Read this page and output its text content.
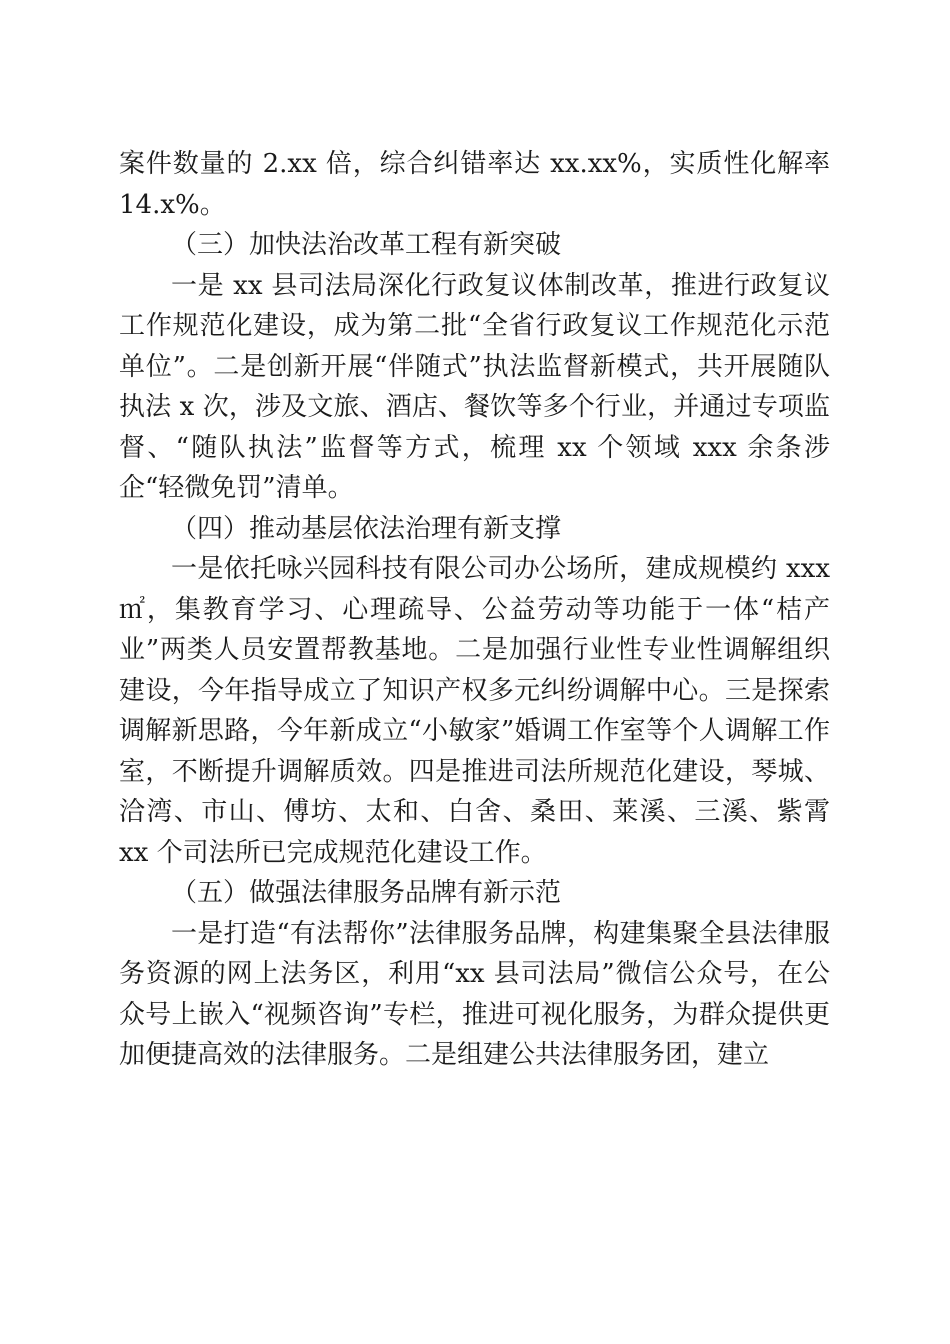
案件数量的 2.xx 倍，综合纠错率达 xx.xx%，实质性化解率 14.x%。

（三）加快法治改革工程有新突破

一是 xx 县司法局深化行政复议体制改革，推进行政复议工作规范化建设，成为第二批“全省行政复议工作规范化示范单位”。二是创新开展“伴随式”执法监督新模式，共开展随队执法 x 次，涉及文旅、酒店、餐饮等多个行业，并通过专项监督、“随队执法”监督等方式，梳理 xx 个领域 xxx 余条涉企“轻微免罚”清单。

（四）推动基层依法治理有新支撑

一是依托咏兴园科技有限公司办公场所，建成规模约 xxx ㎡，集教育学习、心理疏导、公益劳动等功能于一体“桔产业”两类人员安置帮教基地。二是加强行业性专业性调解组织建设，今年指导成立了知识产权多元纠纷调解中心。三是探索调解新思路，今年新成立“小敏家”婚调工作室等个人调解工作室，不断提升调解质效。四是推进司法所规范化建设，琴城、洽湾、市山、傅坊、太和、白舍、桑田、莱溪、三溪、紫霄 xx 个司法所已完成规范化建设工作。

（五）做强法律服务品牌有新示范

一是打造“有法帮你”法律服务品牌，构建集聚全县法律服务资源的网上法务区，利用“xx 县司法局”微信公众号，在公众号上嵌入“视频咨询”专栏，推进可视化服务，为群众提供更加便捷高效的法律服务。二是组建公共法律服务团，建立
